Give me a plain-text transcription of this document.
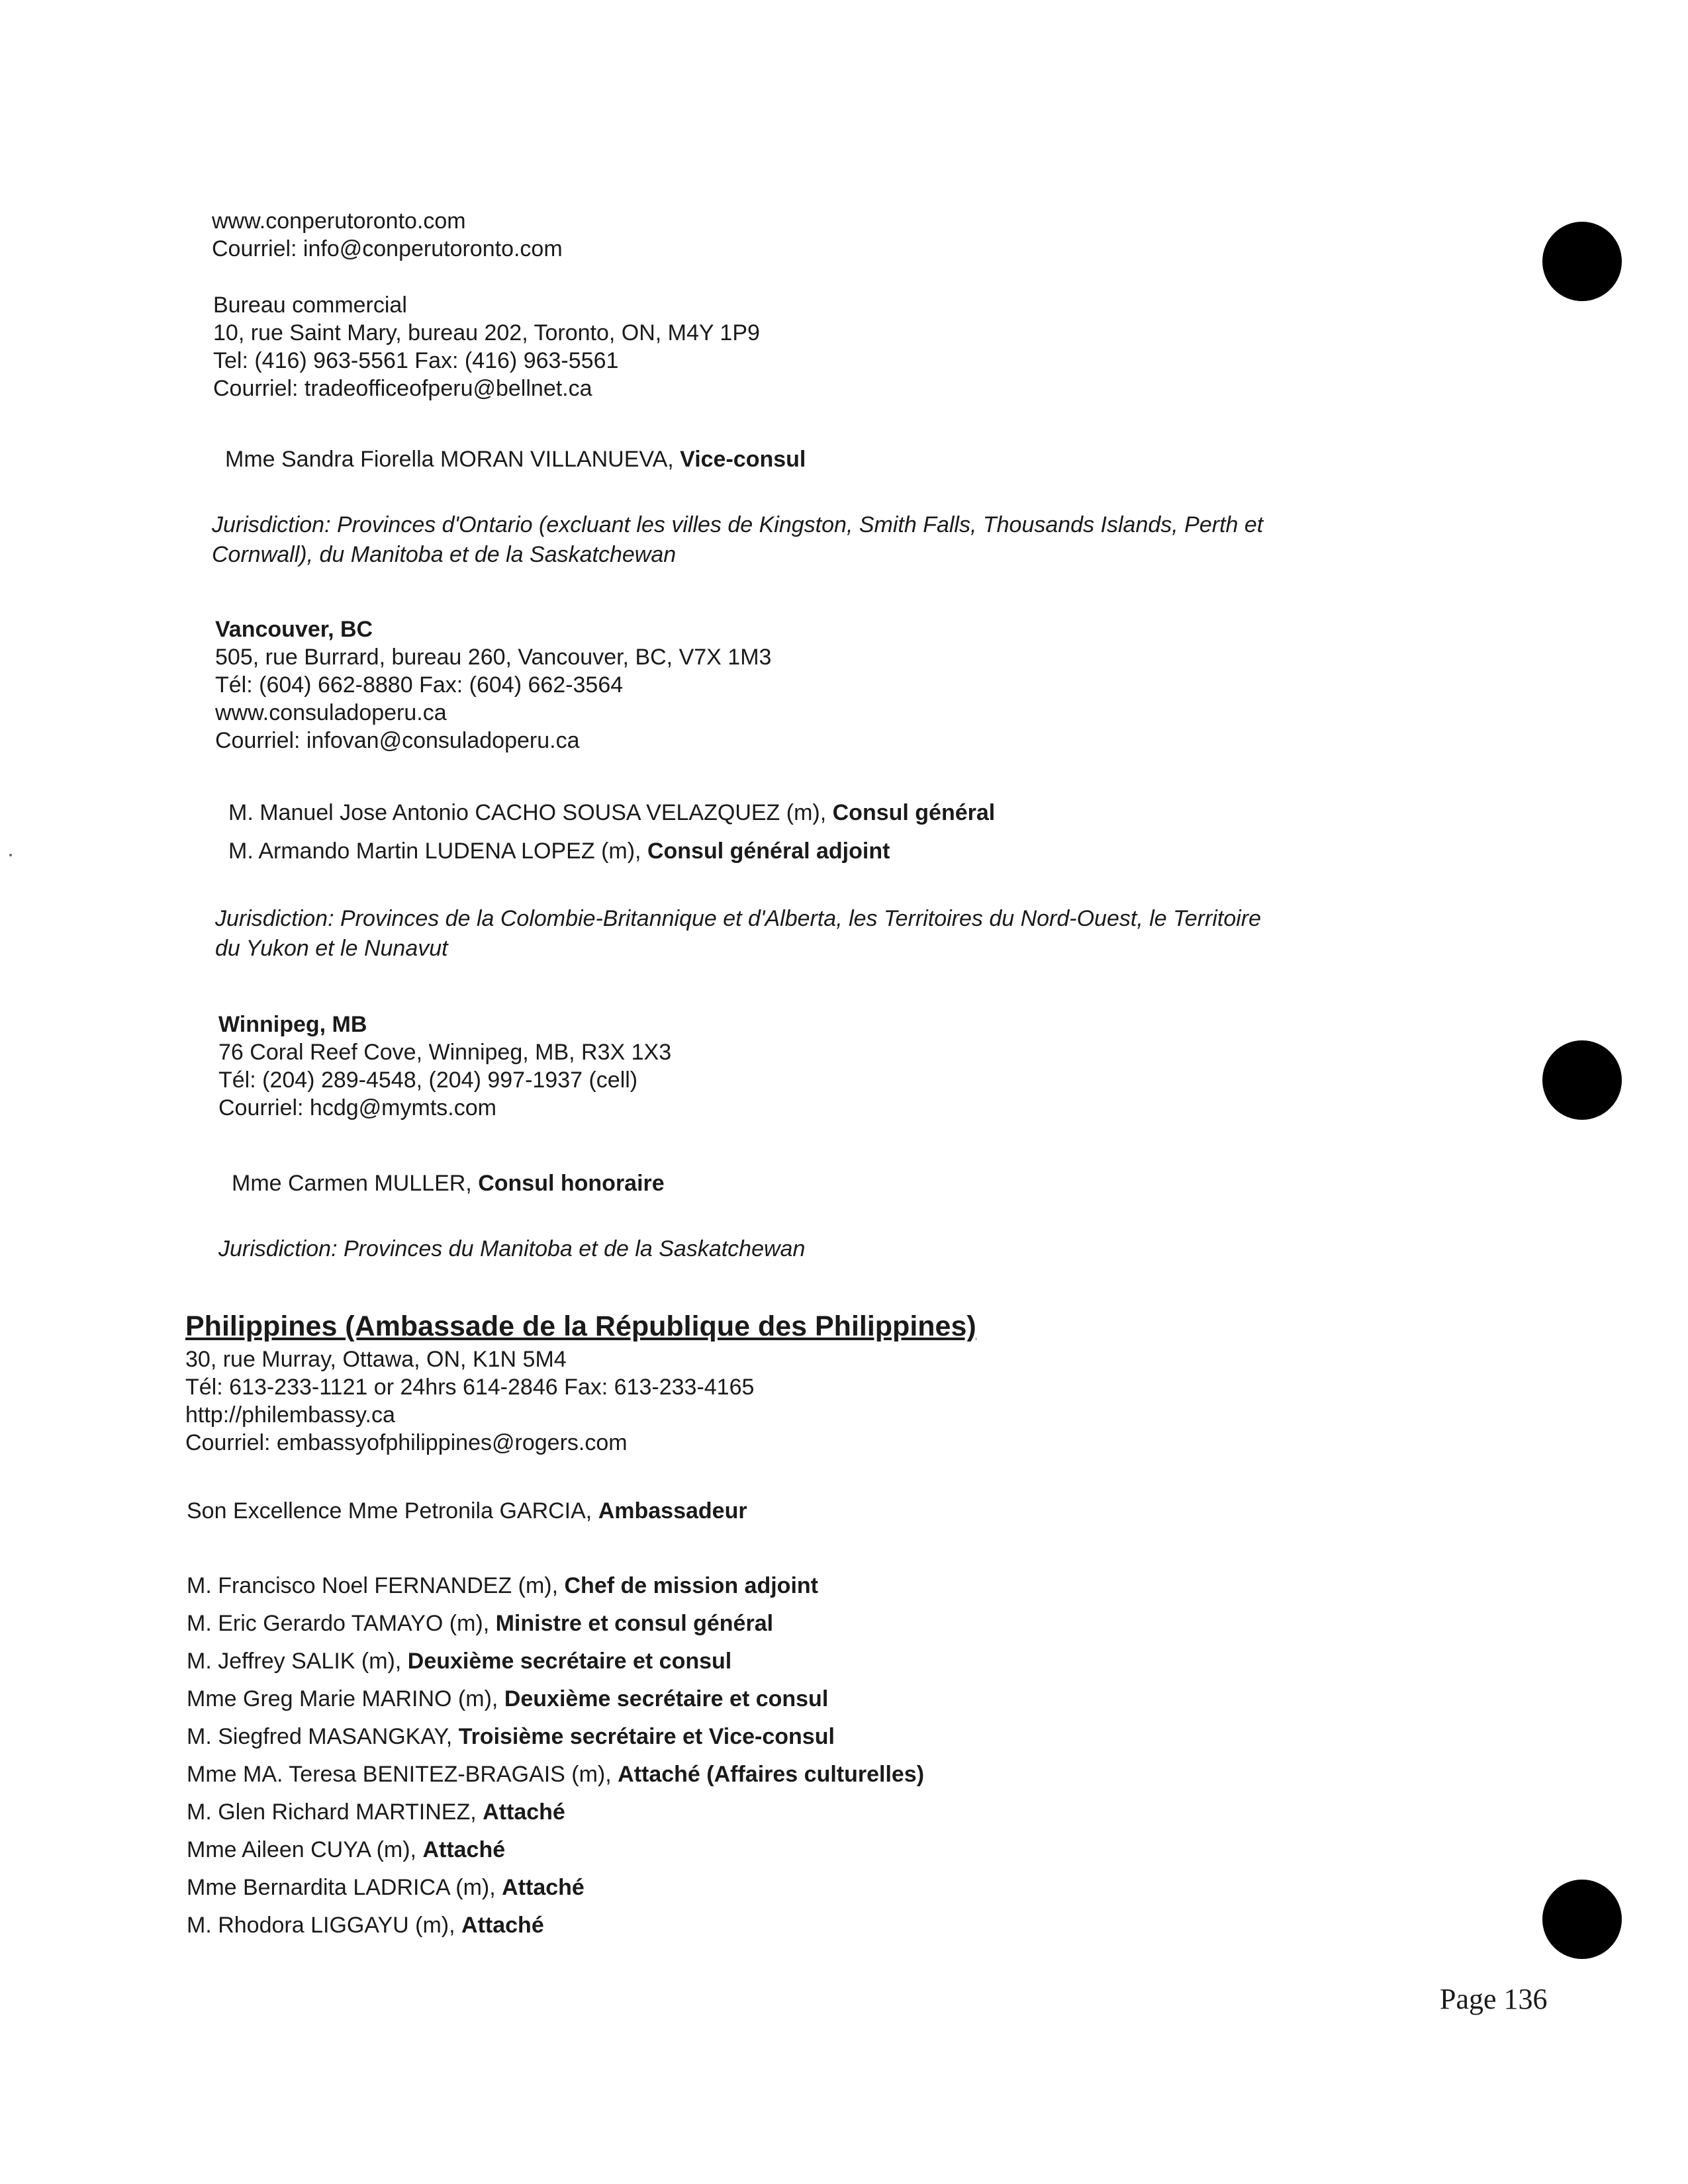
www.conperutoronto.com
Courriel: info@conperutoronto.com
Bureau commercial
10, rue Saint Mary, bureau 202, Toronto, ON, M4Y 1P9
Tel: (416) 963-5561 Fax: (416) 963-5561
Courriel: tradeofficeofperu@bellnet.ca
Mme Sandra Fiorella MORAN VILLANUEVA, Vice-consul
Jurisdiction: Provinces d'Ontario (excluant les villes de Kingston, Smith Falls, Thousands Islands, Perth et
Cornwall), du Manitoba et de la Saskatchewan
Vancouver, BC
505, rue Burrard, bureau 260, Vancouver, BC, V7X 1M3
Tél: (604) 662-8880 Fax: (604) 662-3564
www.consuladoperu.ca
Courriel: infovan@consuladoperu.ca
M. Manuel Jose Antonio CACHO SOUSA VELAZQUEZ (m), Consul général
M. Armando Martin LUDENA LOPEZ (m), Consul général adjoint
Jurisdiction: Provinces de la Colombie-Britannique et d'Alberta, les Territoires du Nord-Ouest, le Territoire
du Yukon et le Nunavut
Winnipeg, MB
76 Coral Reef Cove, Winnipeg, MB, R3X 1X3
Tél: (204) 289-4548, (204) 997-1937 (cell)
Courriel: hcdg@mymts.com
Mme Carmen MULLER, Consul honoraire
Jurisdiction: Provinces du Manitoba et de la Saskatchewan
Philippines (Ambassade de la République des Philippines)
30, rue Murray, Ottawa, ON, K1N 5M4
Tél: 613-233-1121 or 24hrs 614-2846 Fax: 613-233-4165
http://philembassy.ca
Courriel: embassyofphilippines@rogers.com
Son Excellence Mme Petronila GARCIA, Ambassadeur
M. Francisco Noel FERNANDEZ (m), Chef de mission adjoint
M. Eric Gerardo TAMAYO (m), Ministre et consul général
M. Jeffrey SALIK (m), Deuxième secrétaire et consul
Mme Greg Marie MARINO (m), Deuxième secrétaire et consul
M. Siegfred MASANGKAY, Troisième secrétaire et Vice-consul
Mme MA. Teresa BENITEZ-BRAGAIS (m), Attaché (Affaires culturelles)
M. Glen Richard MARTINEZ, Attaché
Mme Aileen CUYA (m), Attaché
Mme Bernardita LADRICA (m), Attaché
M. Rhodora LIGGAYU (m), Attaché
Page 136
